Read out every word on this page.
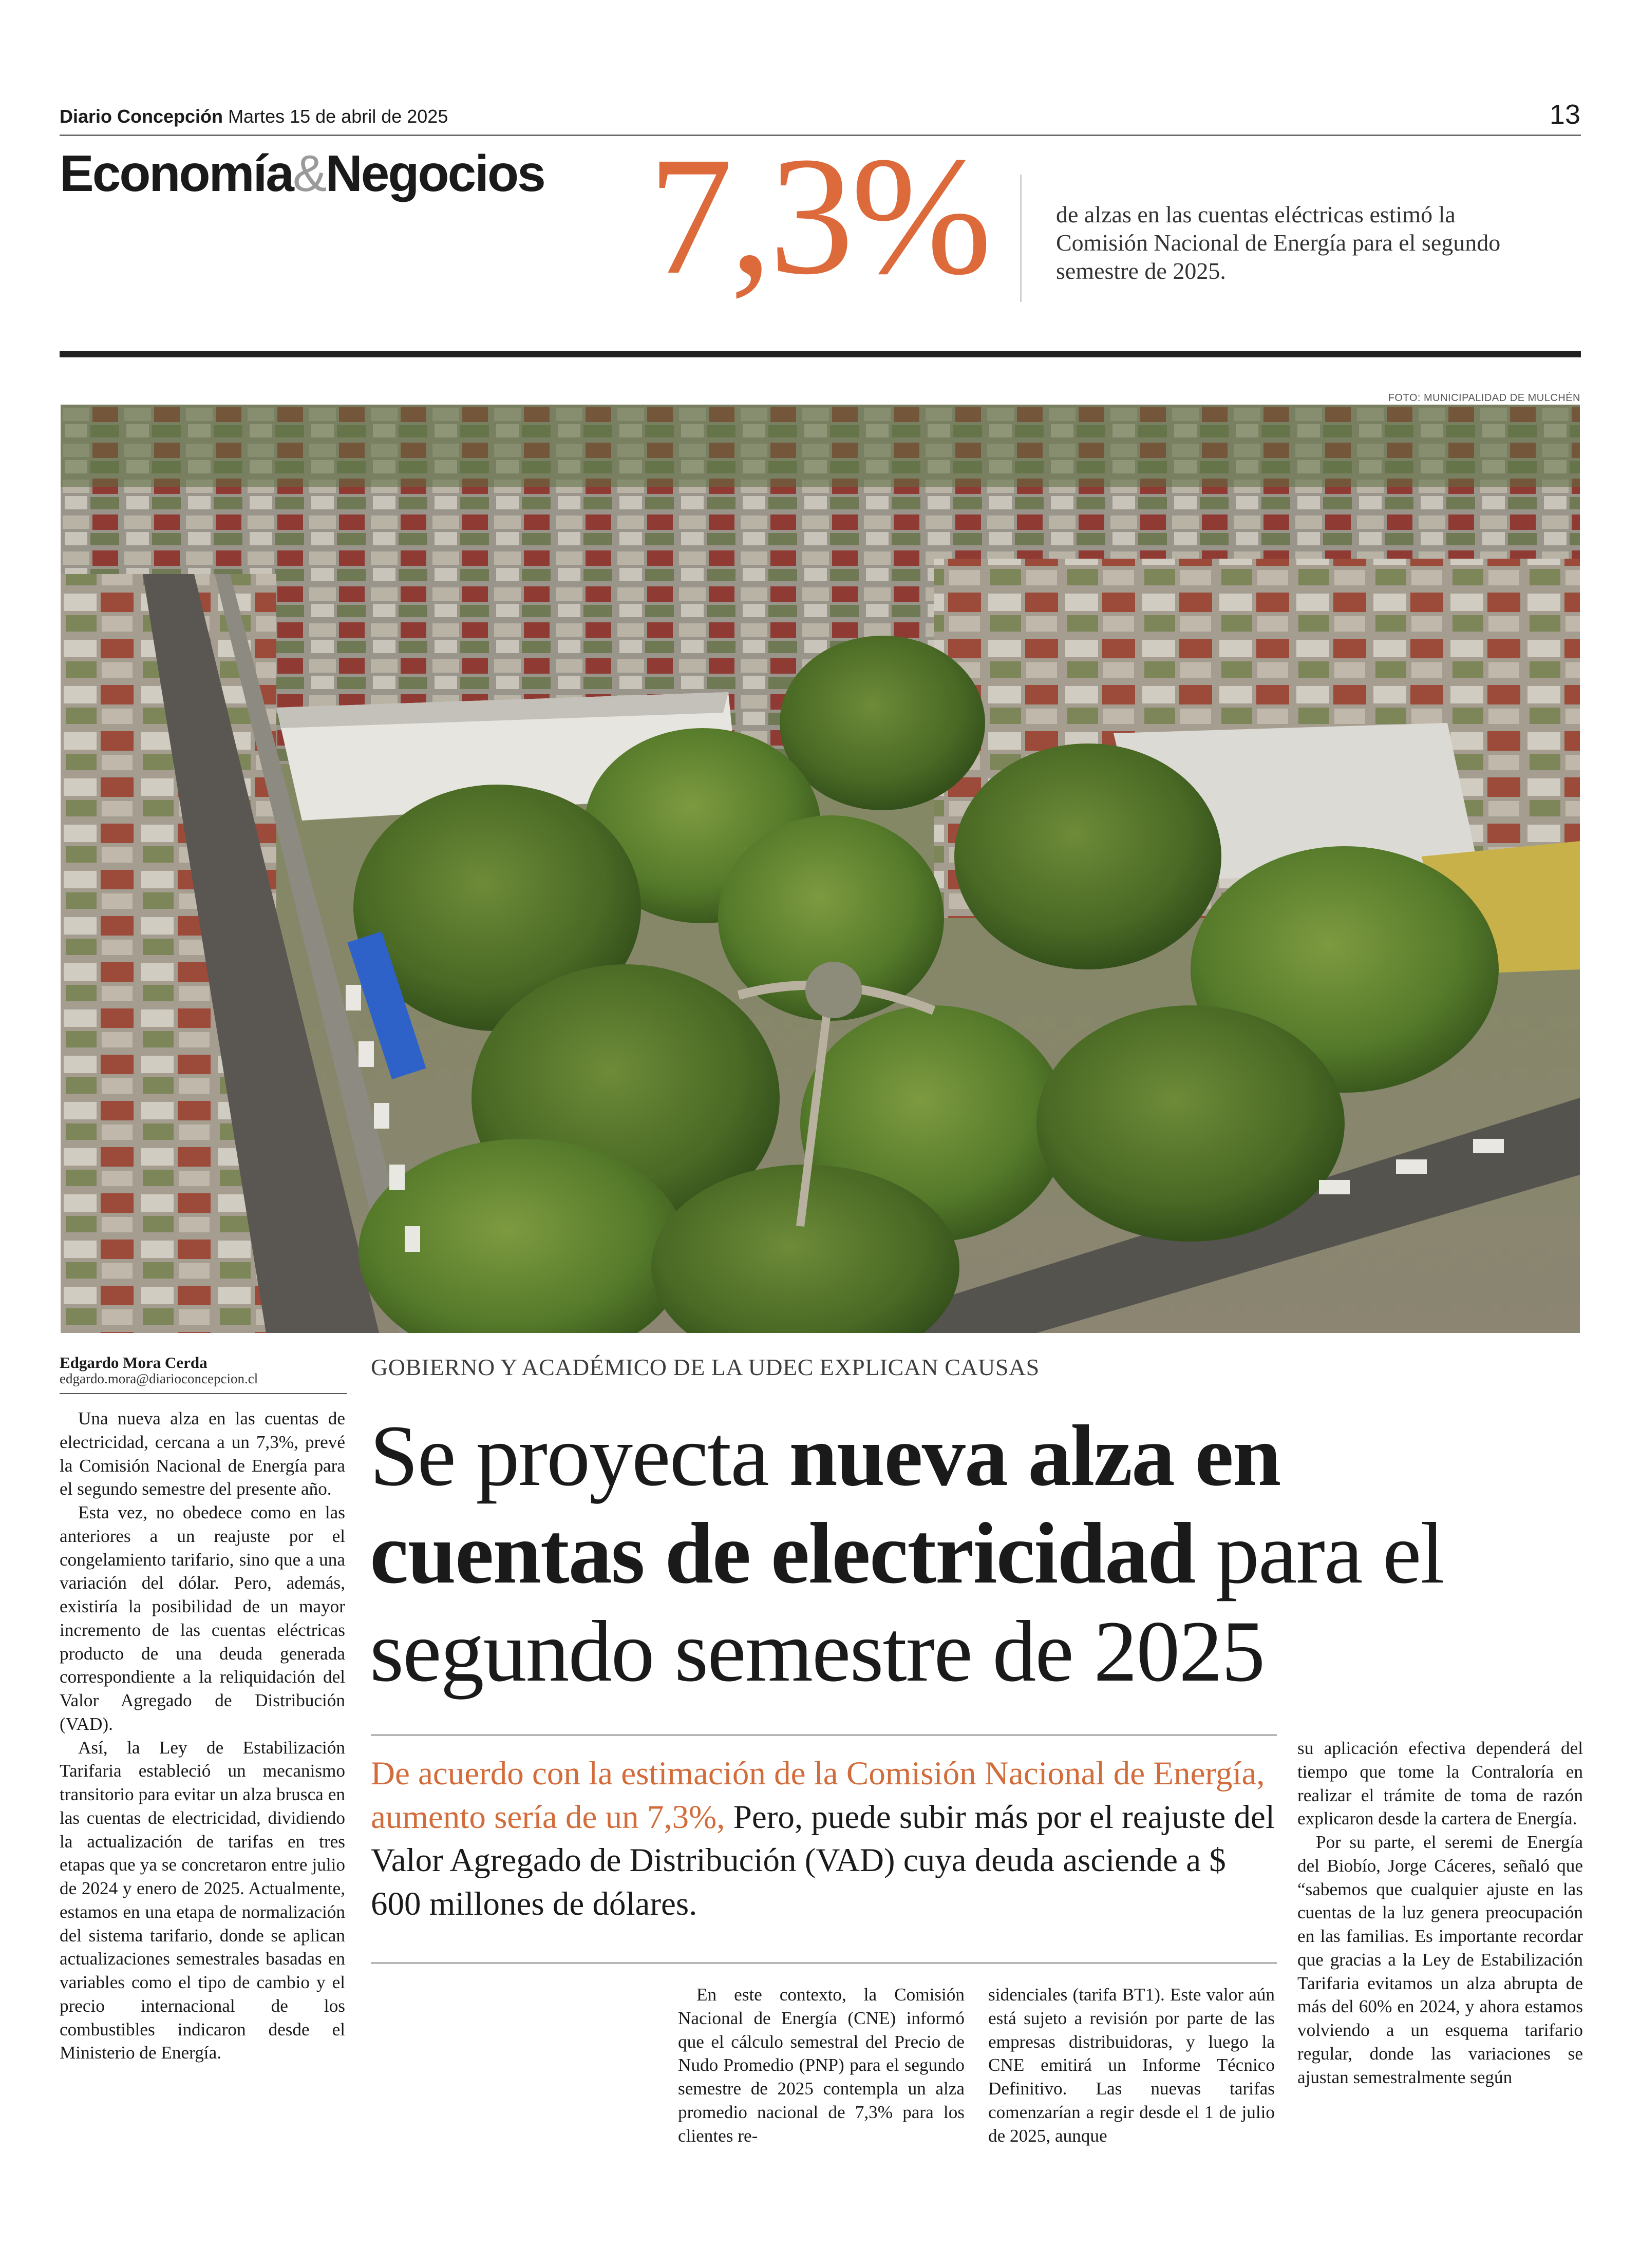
Diario Concepción Martes 15 de abril de 2025	13
Economía&Negocios 7,3%	de alzas en las cuentas eléctricas estimó la Comisión Nacional de Energía para el segundo semestre de 2025.
FOTO: MUNICIPALIDAD DE MULCHÉN
Edgardo Mora Cerda
edgardo.mora@diarioconcepcion.cl

Una nueva alza en las cuentas de electricidad, cercana a un 7,3%, prevé la Comisión Nacional de Energía para el segundo semestre del presente año.

Esta vez, no obedece como en las anteriores a un reajuste por el congelamiento tarifario, sino que a una variación del dólar. Pero, además, existiría la posibilidad de un mayor incremento de las cuentas eléctricas producto de una deuda generada correspondiente a la reliquidación del Valor Agregado de Distribución (VAD).

Así, la Ley de Estabilización Tarifaria estableció un mecanismo transitorio para evitar un alza brusca en las cuentas de electricidad, dividiendo la actualización de tarifas en tres etapas que ya se concretaron entre julio de 2024 y enero de 2025. Actualmente, estamos en una etapa de normalización del sistema tarifario, donde se aplican actualizaciones semestrales basadas en variables como el tipo de cambio y el precio internacional de los combustibles indicaron desde el Ministerio de Energía.

GOBIERNO Y ACADÉMICO DE LA UDEC EXPLICAN CAUSAS
Se proyecta nueva alza en cuentas de electricidad para el segundo semestre de 2025
De acuerdo con la estimación de la Comisión Nacional de Energía, aumento sería de un 7,3%, Pero, puede subir más por el reajuste del Valor Agregado de Distribución (VAD) cuya deuda asciende a $ 600 millones de dólares.

En este contexto, la Comisión Nacional de Energía (CNE) informó que el cálculo semestral del Precio de Nudo Promedio (PNP) para el segundo semestre de 2025 contempla un alza promedio nacional de 7,3% para los clientes re-

sidenciales (tarifa BT1). Este valor aún está sujeto a revisión por parte de las empresas distribuidoras, y luego la CNE emitirá un Informe Técnico Definitivo. Las nuevas tarifas comenzarían a regir desde el 1 de julio de 2025, aunque

su aplicación efectiva dependerá del tiempo que tome la Contraloría en realizar el trámite de toma de razón explicaron desde la cartera de Energía.

Por su parte, el seremi de Energía del Biobío, Jorge Cáceres, señaló que “sabemos que cualquier ajuste en las cuentas de la luz genera preocupación en las familias. Es importante recordar que gracias a la Ley de Estabilización Tarifaria evitamos un alza abrupta de más del 60% en 2024, y ahora estamos volviendo a un esquema tarifario regular, donde las variaciones se ajustan semestralmente según
